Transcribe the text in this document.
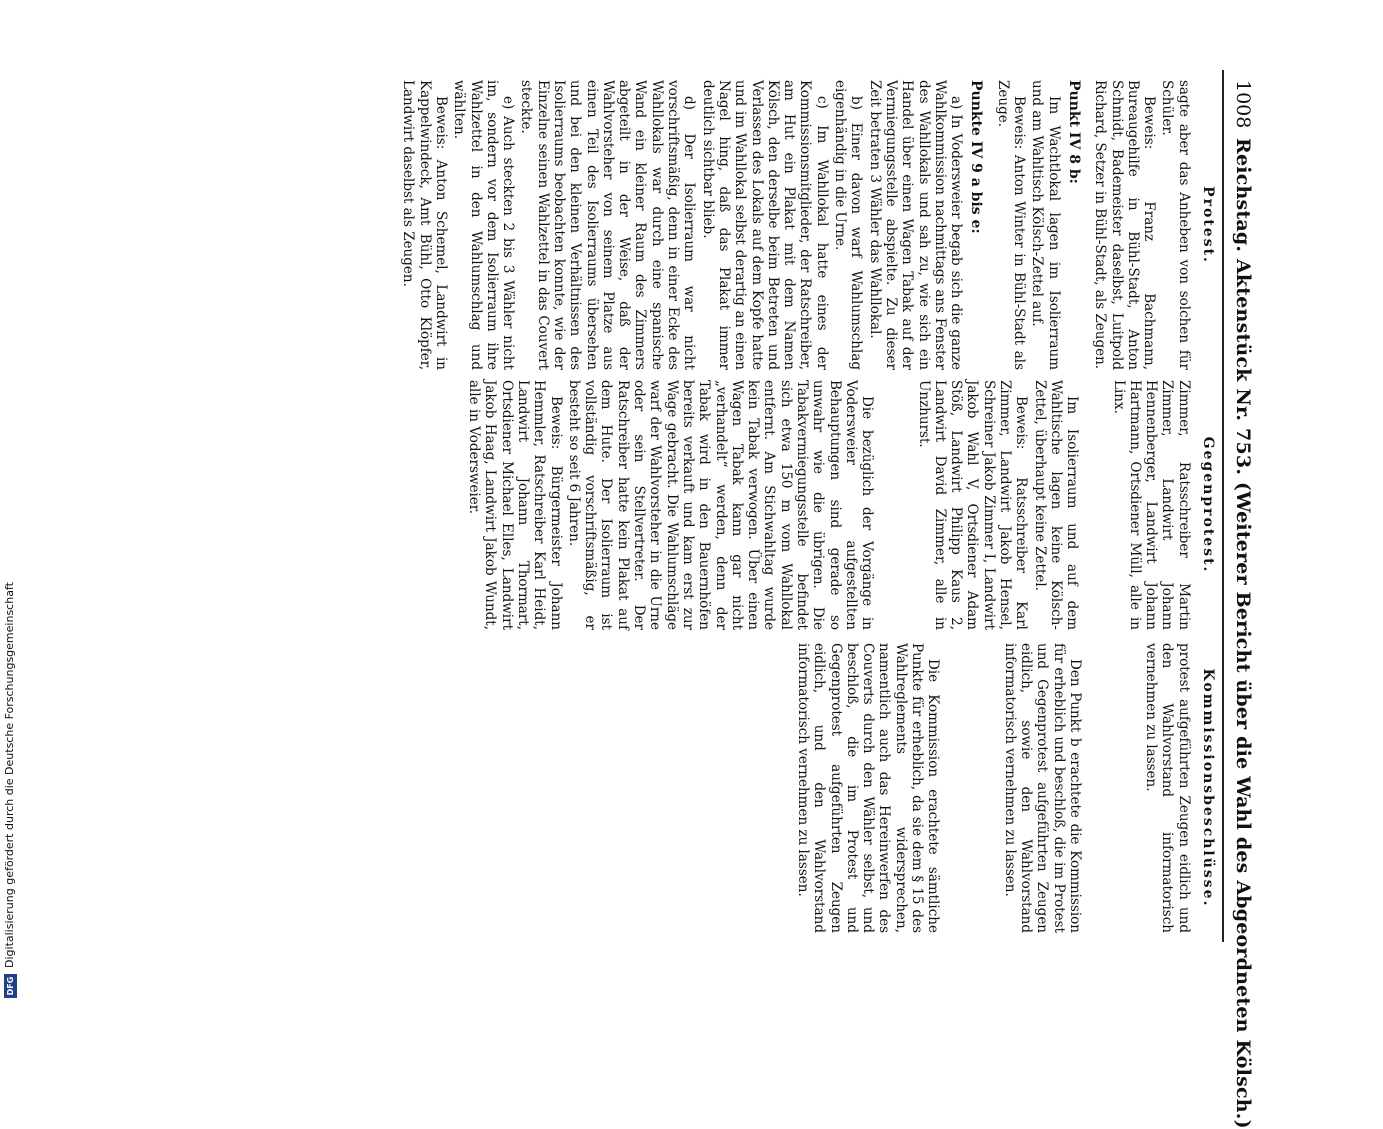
1008
Reichstag. Aktenstück Nr. 753. (Weiterer Bericht über die Wahl des Abgeordneten Kölsch.)
Protest.

sagte aber das Anheben von solchen für Schüler.

Beweis: Franz Bachmann, Bureaugehilfe in Bühl-Stadt, Anton Schmidt, Bademeister daselbst, Luitpold Richard, Setzer in Bühl-Stadt, als Zeugen.

Punkt IV 8 b:

Im Wachtlokal lagen im Isolierraum und am Wahltisch Kölsch-Zettel auf.

Beweis: Anton Winter in Bühl-Stadt als Zeuge.

Punkte IV 9 a bis e:

a) In Vodersweier begab sich die ganze Wahlkommission nachmittags ans Fenster des Wahllokals und sah zu, wie sich ein Handel über einen Wagen Tabak auf der Vermiegungsstelle abspielte. Zu dieser Zeit betraten 3 Wähler das Wahllokal.

b) Einer davon warf Wahlumschlag eigenhändig in die Urne.

c) Im Wahllokal hatte eines der Kommissionsmitglieder, der Ratschreiber, am Hut ein Plakat mit dem Namen Kölsch, den derselbe beim Betreten und Verlassen des Lokals auf dem Kopfe hatte und im Wahllokal selbst derartig an einen Nagel hing, daß das Plakat immer deutlich sichtbar blieb.

d) Der Isolierraum war nicht vorschriftsmäßig, denn in einer Ecke des Wahllokals war durch eine spanische Wand ein kleiner Raum des Zimmers abgeteilt in der Weise, daß der Wahlvorsteher von seinem Platze aus einen Teil des Isolierraums übersehen und bei den kleinen Verhältnissen des Isolierraums beobachten konnte, wie der Einzelne seinen Wahlzettel in das Couvert steckte.

e) Auch steckten 2 bis 3 Wähler nicht im, sondern vor dem Isolierraum ihre Wahlzettel in den Wahlumschlag und wählten.

Beweis: Anton Schemel, Landwirt in Kappelwindeck, Amt Bühl, Otto Klöpfer, Landwirt daselbst als Zeugen.

Gegenprotest.

Zimmer, Ratsschreiber Martin Zimmer, Landwirt Johann Hennenberger, Landwirt Johann Hartmann, Ortsdiener Müll, alle in Linx.

Im Isolierraum und auf dem Wahltische lagen keine Kölsch-Zettel, überhaupt keine Zettel.

Beweis: Ratsschreiber Karl Zimmer, Landwirt Jakob Hensel, Schreiner Jakob Zimmer I, Landwirt Jakob Wahl V, Ortsdiener Adam Stöß, Landwirt Philipp Kaus 2, Landwirt David Zimmer, alle in Unzhurst.

Die bezüglich der Vorgänge in Vodersweier aufgestellten Behauptungen sind gerade so unwahr wie die übrigen. Die Tabakvermiegungsstelle befindet sich etwa 150 m vom Wahllokal entfernt. Am Stichwahltag wurde kein Tabak verwogen. Über einen Wagen Tabak kann gar nicht „verhandelt“ werden, denn der Tabak wird in den Bauernhöfen bereits verkauft und kam erst zur Wage gebracht. Die Wahlumschläge warf der Wahlvorsteher in die Urne oder sein Stellvertreter. Der Ratschreiber hatte kein Plakat auf dem Hute. Der Isolierraum ist vollständig vorschriftsmäßig, er besteht so seit 6 Jahren.

Beweis: Bürgermeister Johann Hemmler, Ratschreiber Karl Heidt, Landwirt Johann Thormart, Ortsdiener Michael Elles, Landwirt Jakob Haag, Landwirt Jakob Wundt, alle in Vodersweier.

Kommissionsbeschlüsse.

protest aufgeführten Zeugen eidlich und den Wahlvorstand informatorisch vernehmen zu lassen.

Den Punkt b erachtete die Kommission für erheblich und beschloß, die im Protest und Gegenprotest aufgeführten Zeugen eidlich, sowie den Wahlvorstand informatorisch vernehmen zu lassen.

Die Kommission erachtete sämtliche Punkte für erheblich, da sie dem § 15 des Wahlreglements widersprechen, namentlich auch das Hereinwerfen des Couverts durch den Wähler selbst, und beschloß, die im Protest und Gegenprotest aufgeführten Zeugen eidlich, und den Wahlvorstand informatorisch vernehmen zu lassen.

DFGDigitalisierung gefördert durch die Deutsche Forschungsgemeinschaft
